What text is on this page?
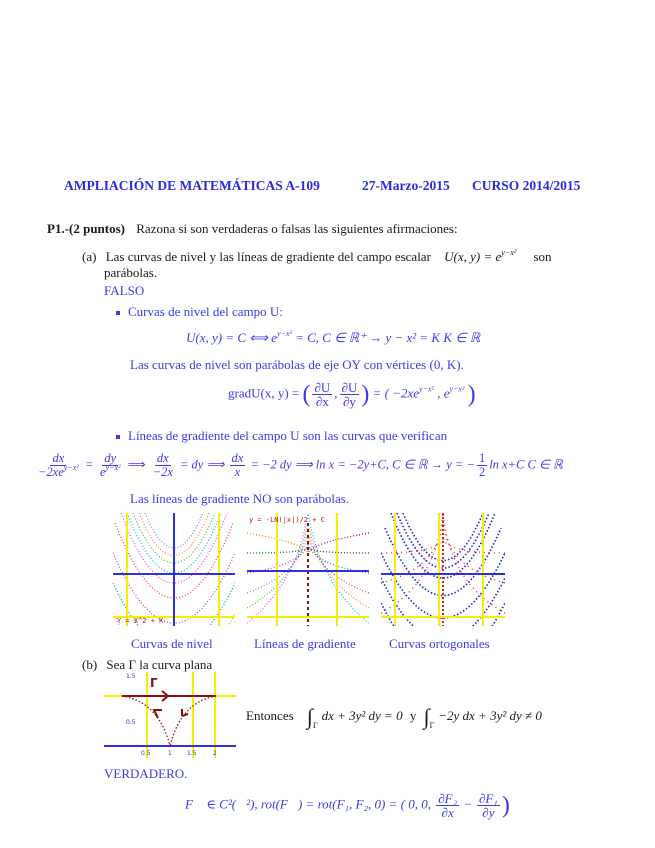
AMPLIACIÓN DE MATEMÁTICAS A-109	27-Marzo-2015 CURSO 2014/2015
P1.-(2 puntos) Razona si son verdaderas o falsas las siguientes afirmaciones:
(a) Las curvas de nivel y las líneas de gradiente del campo escalar U(x, $y) = e^{y-x^2}$ son
parábolas.
FALSO
Curvas de nivel del campo U:
U(x, y) = C ⟺ $e^{y-x^2} = C$, C ∈ ℝ⁺ → y − x² = K K ∈ ℝ
Las curvas de nivel son parábolas de eje OY con vértices (0, K).
gradU(x, y) = ( $\frac{\partial U}{\partial x}$ , $\frac{\partial U}{\partial y}$ ) = ( $-2xe^{y-x^2}$ , $e^{y-x^2}$ )
Líneas de gradiente del campo U son las curvas que verifican
$\frac{dx}{-2xe^{y-x^2}} = \frac{dy}{e^{y-x^2}}$ ⟹ $\frac{dx}{-2x}$ = dy ⟹ $\frac{dx}{x} = -2$ dy ⟹ ln x = −2y+C, C ∈ ℝ → y = − $\frac{1}{2}$ ln x+C C ∈ ℝ
Las líneas de gradiente NO son parábolas.
Y = X^2 + K
Curvas de nivel
y = -LN(|x|)/2 + C
Líneas de gradiente	Curvas ortogonales
(b) Sea Γ la curva plana
Γ
1.5
0.5
0.5	1	1.5	2
Entonces $\int_\Gamma dx + 3y^2$ dy = 0 y $\int_\Gamma-2y$ dx + 3y² dy ≠ 0
VERDADERO.
F⃗ ∈ C²(ℝ²), rot(F⃗) = rot(F₁, F₂, 0) = ( 0, 0, $\frac{\text{∂F₂}}{\partial x} - \frac{\text{∂F₁}}{\partial y}$ )
